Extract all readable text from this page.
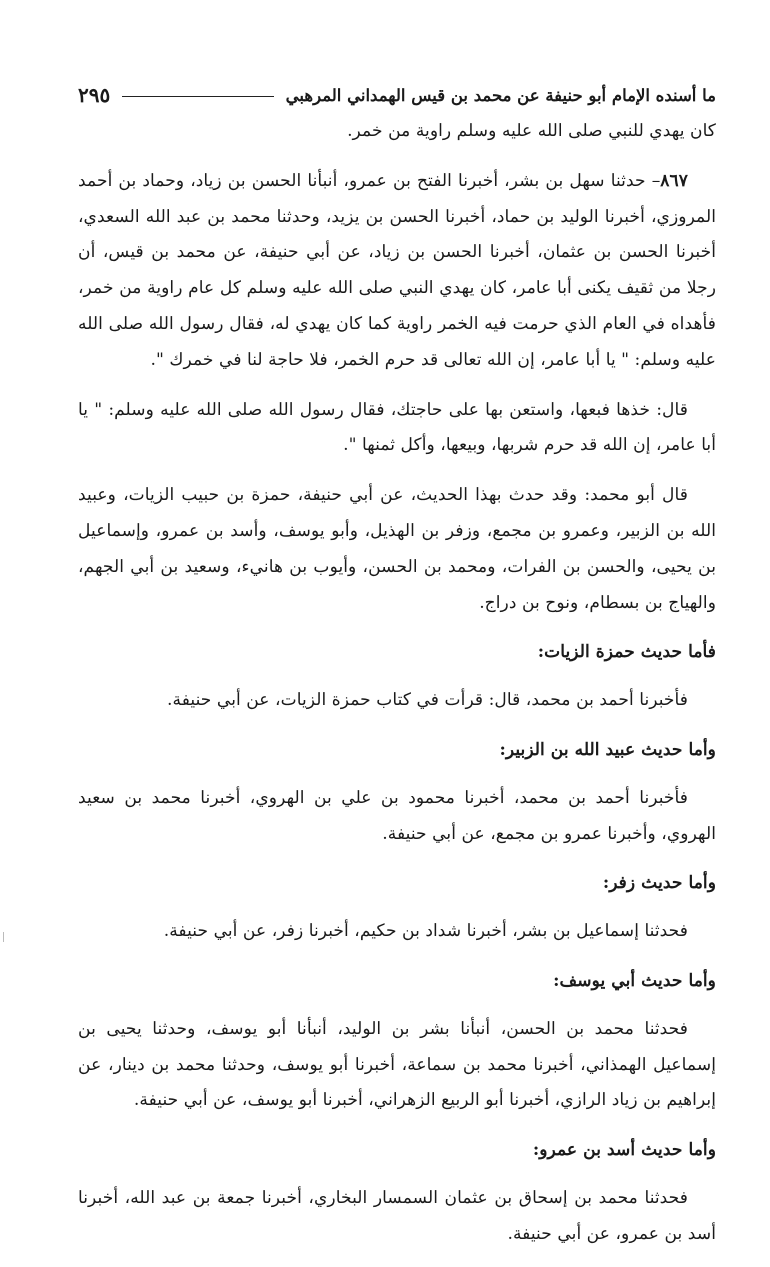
ما أسنده الإمام أبو حنيفة عن محمد بن قيس الهمداني المرهبي
٢٩٥

كان يهدي للنبي صلى الله عليه وسلم راوية من خمر.

٨٦٧– حدثنا سهل بن بشر، أخبرنا الفتح بن عمرو، أنبأنا الحسن بن زياد، وحماد بن أحمد المروزي، أخبرنا الوليد بن حماد، أخبرنا الحسن بن يزيد، وحدثنا محمد بن عبد الله السعدي، أخبرنا الحسن بن عثمان، أخبرنا الحسن بن زياد، عن أبي حنيفة، عن محمد بن قيس، أن رجلا من ثقيف يكنى أبا عامر، كان يهدي النبي صلى الله عليه وسلم كل عام راوية من خمر، فأهداه في العام الذي حرمت فيه الخمر راوية كما كان يهدي له، فقال رسول الله صلى الله عليه وسلم: " يا أبا عامر، إن الله تعالى قد حرم الخمر، فلا حاجة لنا في خمرك ".

قال: خذها فبعها، واستعن بها على حاجتك، فقال رسول الله صلى الله عليه وسلم: " يا أبا عامر، إن الله قد حرم شربها، وبيعها، وأكل ثمنها ".

قال أبو محمد: وقد حدث بهذا الحديث، عن أبي حنيفة، حمزة بن حبيب الزيات، وعبيد الله بن الزبير، وعمرو بن مجمع، وزفر بن الهذيل، وأبو يوسف، وأسد بن عمرو، وإسماعيل بن يحيى، والحسن بن الفرات، ومحمد بن الحسن، وأيوب بن هانيء، وسعيد بن أبي الجهم، والهياج بن بسطام، ونوح بن دراج.

فأما حديث حمزة الزيات:

فأخبرنا أحمد بن محمد، قال: قرأت في كتاب حمزة الزيات، عن أبي حنيفة.

وأما حديث عبيد الله بن الزبير:

فأخبرنا أحمد بن محمد، أخبرنا محمود بن علي بن الهروي، أخبرنا محمد بن سعيد الهروي، وأخبرنا عمرو بن مجمع، عن أبي حنيفة.

وأما حديث زفر:

فحدثنا إسماعيل بن بشر، أخبرنا شداد بن حكيم، أخبرنا زفر، عن أبي حنيفة.

وأما حديث أبي يوسف:

فحدثنا محمد بن الحسن، أنبأنا بشر بن الوليد، أنبأنا أبو يوسف، وحدثنا يحيى بن إسماعيل الهمذاني، أخبرنا محمد بن سماعة، أخبرنا أبو يوسف، وحدثنا محمد بن دينار، عن إبراهيم بن زياد الرازي، أخبرنا أبو الربيع الزهراني، أخبرنا أبو يوسف، عن أبي حنيفة.

وأما حديث أسد بن عمرو:

فحدثنا محمد بن إسحاق بن عثمان السمسار البخاري، أخبرنا جمعة بن عبد الله، أخبرنا أسد بن عمرو، عن أبي حنيفة.
